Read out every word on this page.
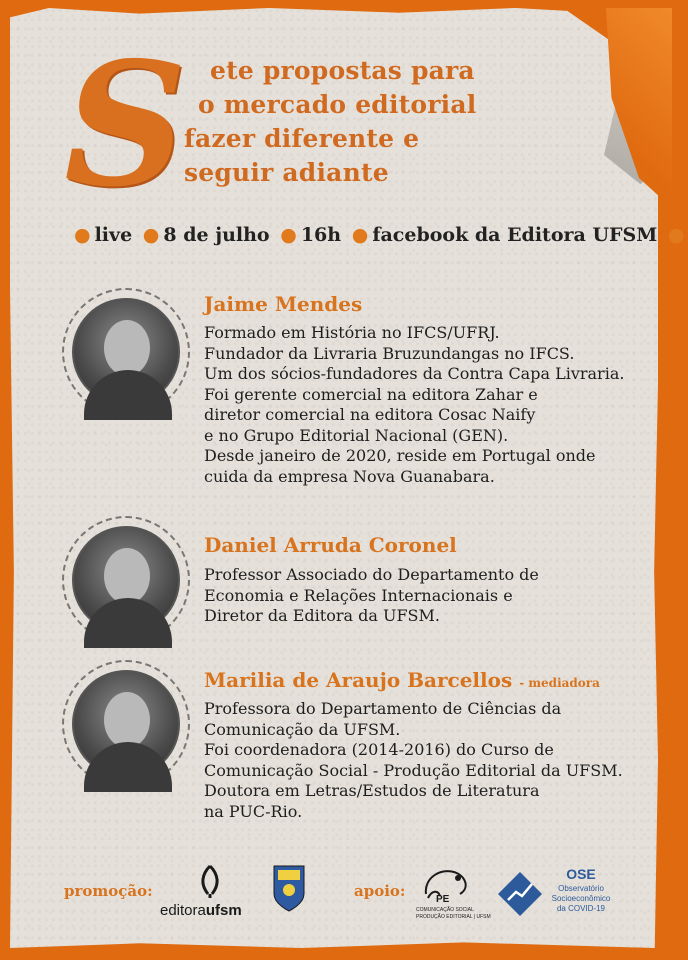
S ete propostas para
o mercado editorial
fazer diferente e
seguir adiante
● live ● 8 de julho ● 16h ● facebook da Editora UFSM ●
Jaime Mendes

Formado em História no IFCS/UFRJ.

Fundador da Livraria Bruzundangas no IFCS.

Um dos sócios-fundadores da Contra Capa Livraria.

Foi gerente comercial na editora Zahar e

diretor comercial na editora Cosac Naify

e no Grupo Editorial Nacional (GEN).

Desde janeiro de 2020, reside em Portugal onde

cuida da empresa Nova Guanabara.

Daniel Arruda Coronel

Professor Associado do Departamento de

Economia e Relações Internacionais e

Diretor da Editora da UFSM.

Marilia de Araujo Barcellos - mediadora

Professora do Departamento de Ciências da

Comunicação da UFSM.

Foi coordenadora (2014-2016) do Curso de

Comunicação Social - Produção Editorial da UFSM.

Doutora em Letras/Estudos de Literatura

na PUC-Rio.

promoção:
editoraufsm
apoio:	PE
COMUNICAÇÃO SOCIAL
PRODUÇÃO EDITORIAL | UFSM
OSE
Observatório
Socioeconômico
da COVID-19
